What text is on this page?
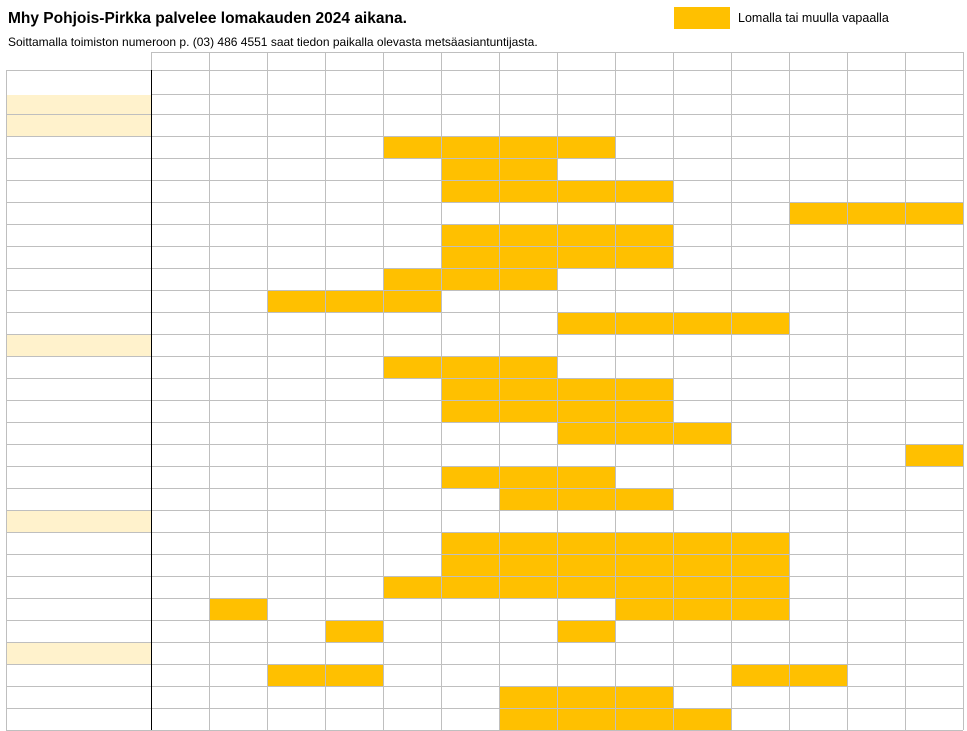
Mhy Pohjois-Pirkka palvelee lomakauden 2024 aikana.
Soittamalla toimiston numeroon p. (03) 486 4551 saat tiedon paikalla olevasta metsäasiantuntijasta.
Lomalla tai muulla vapaalla
